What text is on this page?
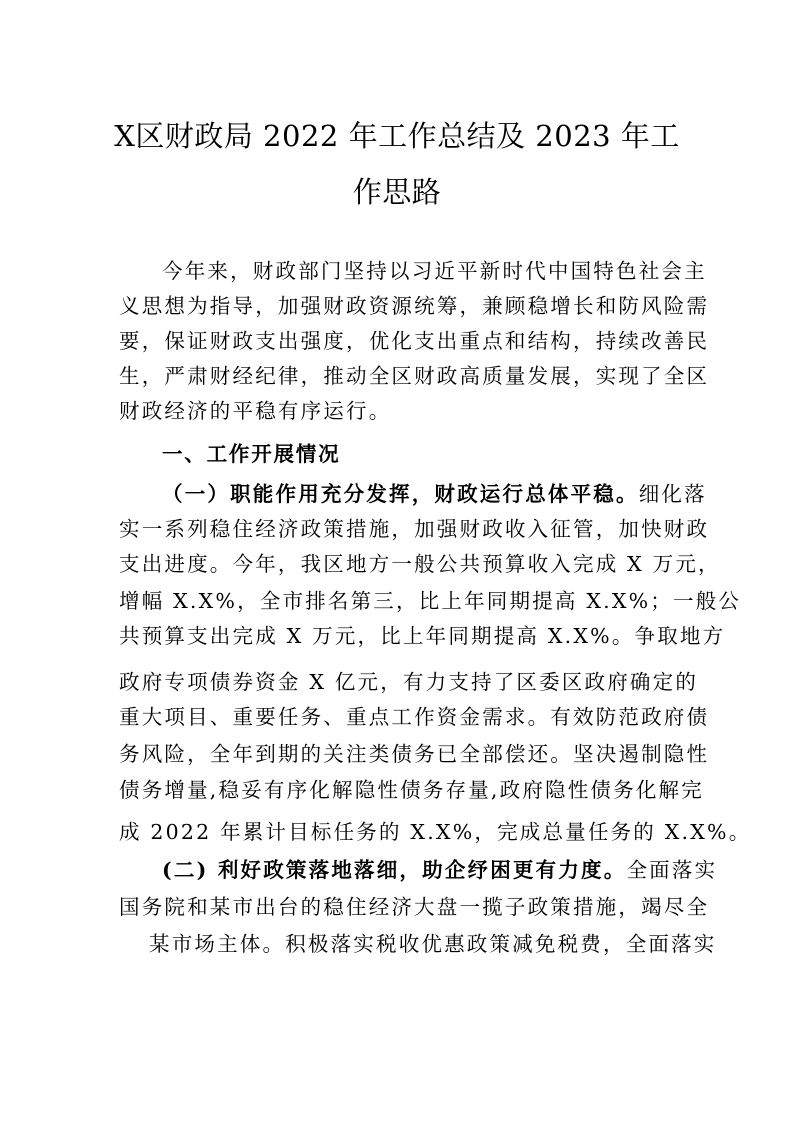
X区财政局 2022 年工作总结及 2023 年工
作思路
今年来，财政部门坚持以习近平新时代中国特色社会主
义思想为指导，加强财政资源统筹，兼顾稳增长和防风险需
要，保证财政支出强度，优化支出重点和结构，持续改善民
生，严肃财经纪律，推动全区财政高质量发展，实现了全区
财政经济的平稳有序运行。
一、工作开展情况
（一）职能作用充分发挥，财政运行总体平稳。细化落
实一系列稳住经济政策措施，加强财政收入征管，加快财政
支出进度。今年，我区地方一般公共预算收入完成 X 万元，
增幅 X.X%，全市排名第三，比上年同期提高 X.X%；一般公
共预算支出完成 X 万元，比上年同期提高 X.X%。争取地方
政府专项债券资金 X 亿元，有力支持了区委区政府确定的
重大项目、重要任务、重点工作资金需求。有效防范政府债
务风险，全年到期的关注类债务已全部偿还。坚决遏制隐性
债务增量,稳妥有序化解隐性债务存量,政府隐性债务化解完
成 2022 年累计目标任务的 X.X%，完成总量任务的 X.X%。
(二) 利好政策落地落细，助企纾困更有力度。全面落实
国务院和某市出台的稳住经济大盘一揽子政策措施，竭尽全
某市场主体。积极落实税收优惠政策减免税费，全面落实
